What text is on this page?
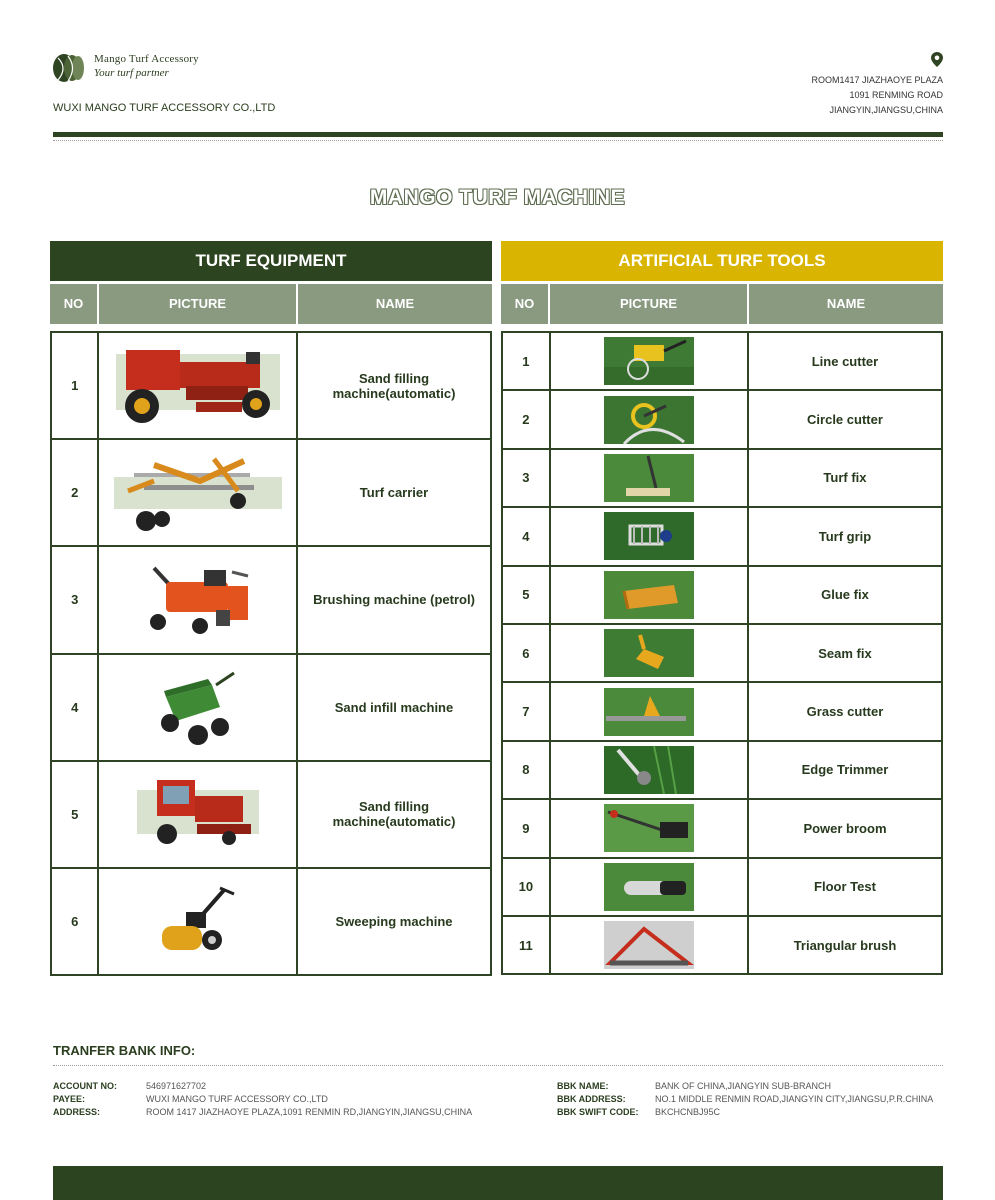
Mango Turf Accessory
Your turf partner
WUXI MANGO TURF ACCESSORY CO.,LTD
ROOM1417 JIAZHAOYE PLAZA
1091 RENMING ROAD
JIANGYIN,JIANGSU,CHINA
MANGO TURF MACHINE
TURF EQUIPMENT	ARTIFICIAL TURF TOOLS
NO	PICTURE	NAME	NO	PICTURE	NAME
1		Sand filling machine(automatic)
2		Turf carrier
3		Brushing machine (petrol)
4		Sand infill machine
5		Sand filling machine(automatic)
6		Sweeping machine
1		Line cutter
2		Circle cutter
3		Turf fix
4		Turf grip
5		Glue fix
6		Seam fix
7		Grass cutter
8		Edge Trimmer
9		Power broom
10		Floor Test
11		Triangular brush
TRANFER BANK INFO:
ACCOUNT NO:	546971627702
PAYEE:	WUXI MANGO TURF ACCESSORY CO.,LTD
ADDRESS:	ROOM 1417 JIAZHAOYE PLAZA,1091 RENMIN RD,JIANGYIN,JIANGSU,CHINA
BBK NAME:	BANK OF CHINA,JIANGYIN SUB-BRANCH
BBK ADDRESS:	NO.1 MIDDLE RENMIN ROAD,JIANGYIN CITY,JIANGSU,P.R.CHINA
BBK SWIFT CODE: BKCHCNBJ95C
